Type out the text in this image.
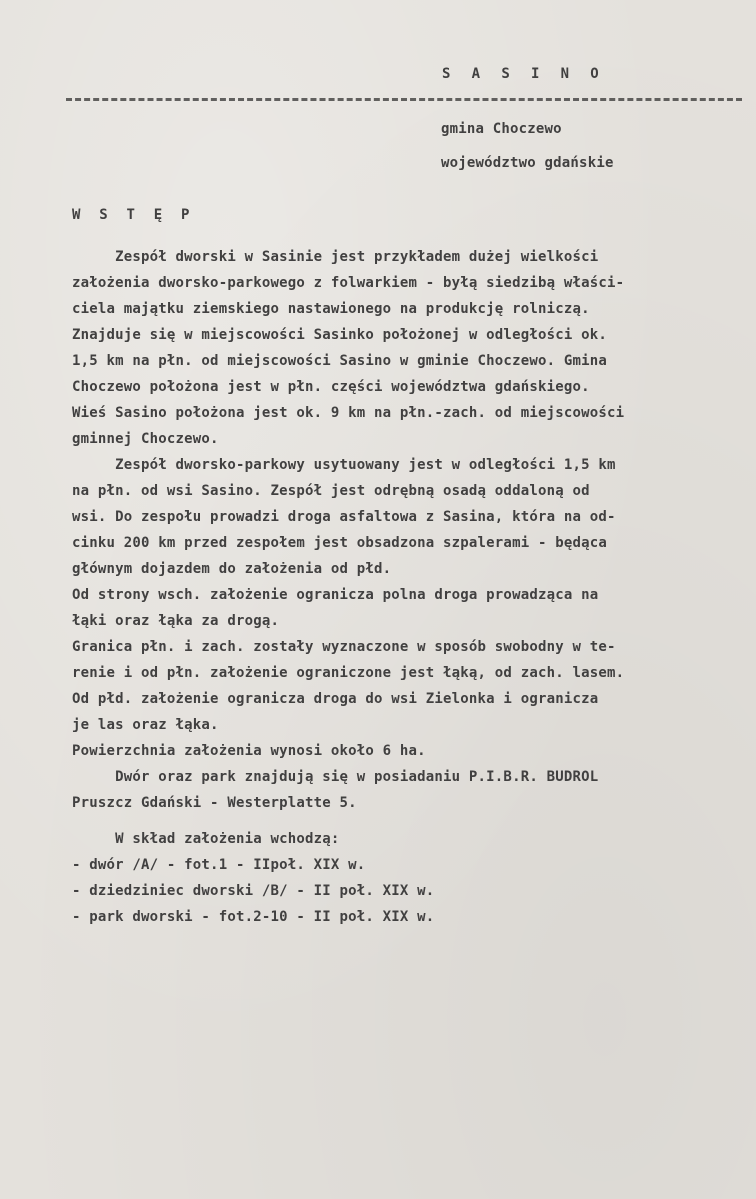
S A S I N O
gmina Choczewo
województwo gdańskie
W S T Ę P
Zespół dworski w Sasinie jest przykładem dużej wielkości
założenia dworsko-parkowego z folwarkiem - byłą siedzibą właści-
ciela majątku ziemskiego nastawionego na produkcję rolniczą.
Znajduje się w miejscowości Sasinko położonej w odległości ok.
1,5 km na płn. od miejscowości Sasino w gminie Choczewo. Gmina
Choczewo położona jest w płn. części województwa gdańskiego.
Wieś Sasino położona jest ok. 9 km na płn.-zach. od miejscowości
gminnej Choczewo.
Zespół dworsko-parkowy usytuowany jest w odległości 1,5 km
na płn. od wsi Sasino. Zespół jest odrębną osadą oddaloną od
wsi. Do zespołu prowadzi droga asfaltowa z Sasina, która na od-
cinku 200 km przed zespołem jest obsadzona szpalerami - będąca
głównym dojazdem do założenia od płd.
Od strony wsch. założenie ogranicza polna droga prowadząca na
łąki oraz łąka za drogą.
Granica płn. i zach. zostały wyznaczone w sposób swobodny w te-
renie i od płn. założenie ograniczone jest łąką, od zach. lasem.
Od płd. założenie ogranicza droga do wsi Zielonka i ogranicza
je las oraz łąka.
Powierzchnia założenia wynosi około 6 ha.
Dwór oraz park znajdują się w posiadaniu P.I.B.R. BUDROL
Pruszcz Gdański - Westerplatte 5.
W skład założenia wchodzą:
- dwór /A/ - fot.1 - IIpoł. XIX w.
- dziedziniec dworski /B/ - II poł. XIX w.
- park dworski - fot.2-10 - II poł. XIX w.
